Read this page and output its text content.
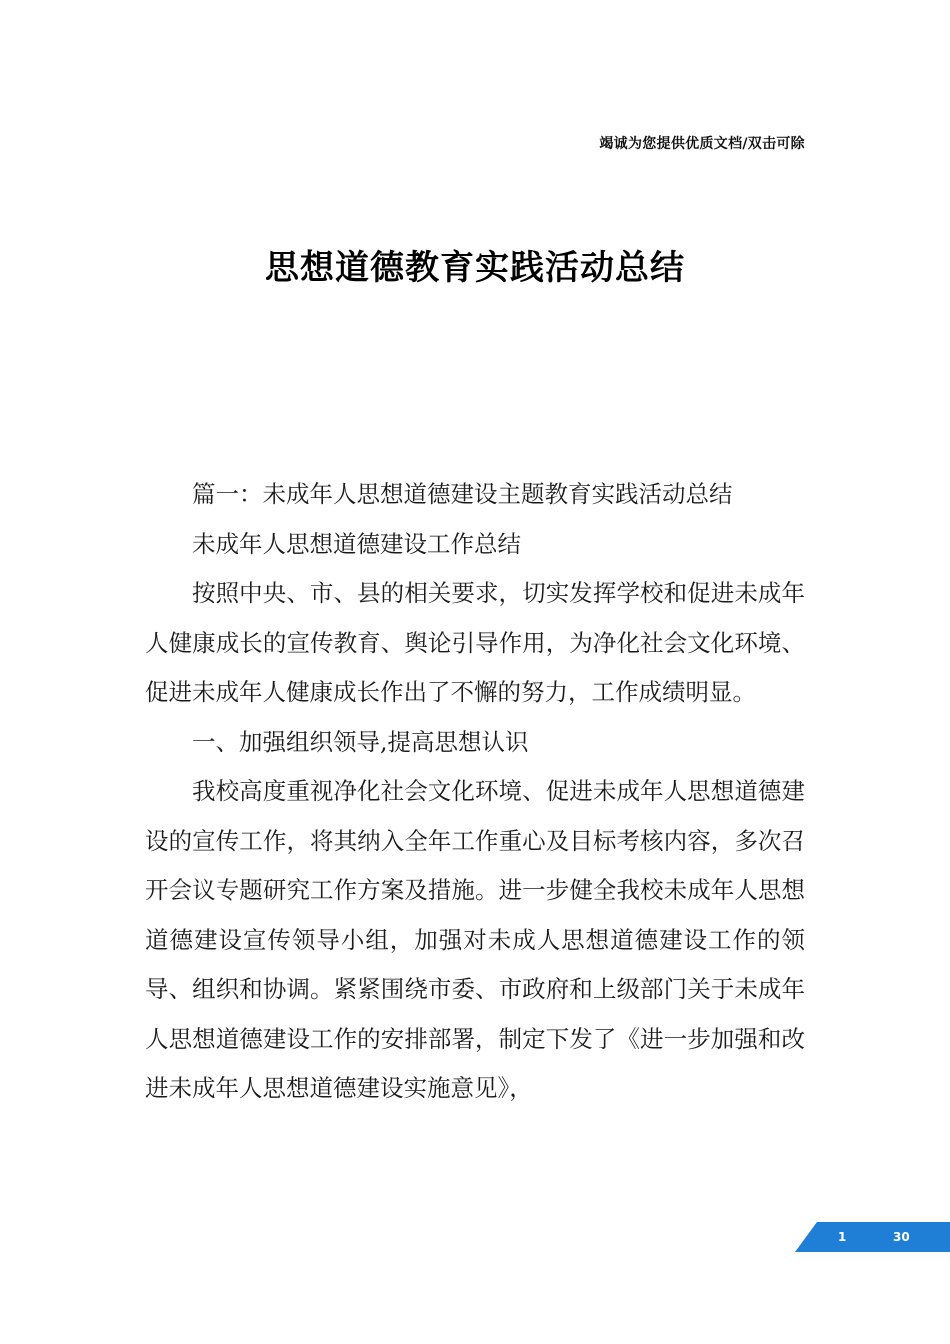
竭诚为您提供优质文档/双击可除
思想道德教育实践活动总结

篇一：未成年人思想道德建设主题教育实践活动总结

未成年人思想道德建设工作总结

按照中央、市、县的相关要求，切实发挥学校和促进未成年人健康成长的宣传教育、舆论引导作用，为净化社会文化环境、促进未成年人健康成长作出了不懈的努力，工作成绩明显。

一、加强组织领导,提高思想认识

我校高度重视净化社会文化环境、促进未成年人思想道德建设的宣传工作，将其纳入全年工作重心及目标考核内容，多次召开会议专题研究工作方案及措施。进一步健全我校未成年人思想道德建设宣传领导小组，加强对未成人思想道德建设工作的领导、组织和协调。紧紧围绕市委、市政府和上级部门关于未成年人思想道德建设工作的安排部署，制定下发了《进一步加强和改进未成年人思想道德建设实施意见》，

1	30
